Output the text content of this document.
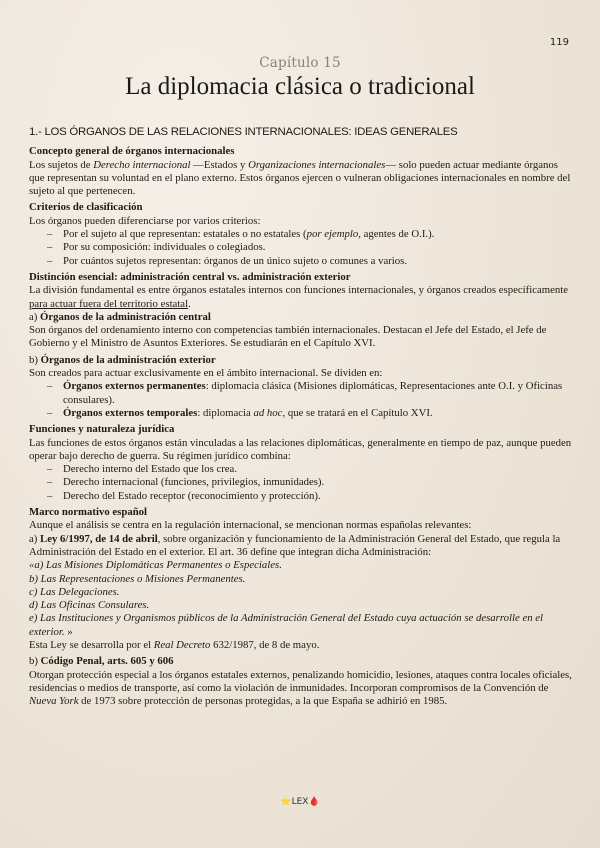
119
Capítulo 15
La diplomacia clásica o tradicional
1.- LOS ÓRGANOS DE LAS RELACIONES INTERNACIONALES: IDEAS GENERALES
Concepto general de órganos internacionales

Los sujetos de Derecho internacional —Estados y Organizaciones internacionales— solo pueden actuar mediante órganos que representan su voluntad en el plano externo. Estos órganos ejercen o vulneran obligaciones internacionales en nombre del sujeto al que pertenecen.

Criterios de clasificación

Los órganos pueden diferenciarse por varios criterios:

– Por el sujeto al que representan: estatales o no estatales (por ejemplo, agentes de O.I.).
– Por su composición: individuales o colegiados.
– Por cuántos sujetos representan: órganos de un único sujeto o comunes a varios.
Distinción esencial: administración central vs. administración exterior

La división fundamental es entre órganos estatales internos con funciones internacionales, y órganos creados específicamente para actuar fuera del territorio estatal.

a) Órganos de la administración central

Son órganos del ordenamiento interno con competencias también internacionales. Destacan el Jefe del Estado, el Jefe de Gobierno y el Ministro de Asuntos Exteriores. Se estudiarán en el Capítulo XVI.

b) Órganos de la administración exterior

Son creados para actuar exclusivamente en el ámbito internacional. Se dividen en:

– Órganos externos permanentes: diplomacia clásica (Misiones diplomáticas, Representaciones ante O.I. y Oficinas consulares).
– Órganos externos temporales: diplomacia ad hoc, que se tratará en el Capítulo XVI.
Funciones y naturaleza jurídica

Las funciones de estos órganos están vinculadas a las relaciones diplomáticas, generalmente en tiempo de paz, aunque pueden operar bajo derecho de guerra. Su régimen jurídico combina:

– Derecho interno del Estado que los crea.
– Derecho internacional (funciones, privilegios, inmunidades).
– Derecho del Estado receptor (reconocimiento y protección).
Marco normativo español

Aunque el análisis se centra en la regulación internacional, se mencionan normas españolas relevantes:

a) Ley 6/1997, de 14 de abril, sobre organización y funcionamiento de la Administración General del Estado, que regula la Administración del Estado en el exterior. El art. 36 define que integran dicha Administración:

«a) Las Misiones Diplomáticas Permanentes o Especiales.
b) Las Representaciones o Misiones Permanentes.
c) Las Delegaciones.
d) Las Oficinas Consulares.
e) Las Instituciones y Organismos públicos de la Administración General del Estado cuya actuación se desarrolle en el exterior. »

Esta Ley se desarrolla por el Real Decreto 632/1987, de 8 de mayo.

b) Código Penal, arts. 605 y 606

Otorgan protección especial a los órganos estatales externos, penalizando homicidio, lesiones, ataques contra locales oficiales, residencias o medios de transporte, así como la violación de inmunidades. Incorporan compromisos de la Convención de Nueva York de 1973 sobre protección de personas protegidas, a la que España se adhirió en 1985.

⭐LEX🩸
